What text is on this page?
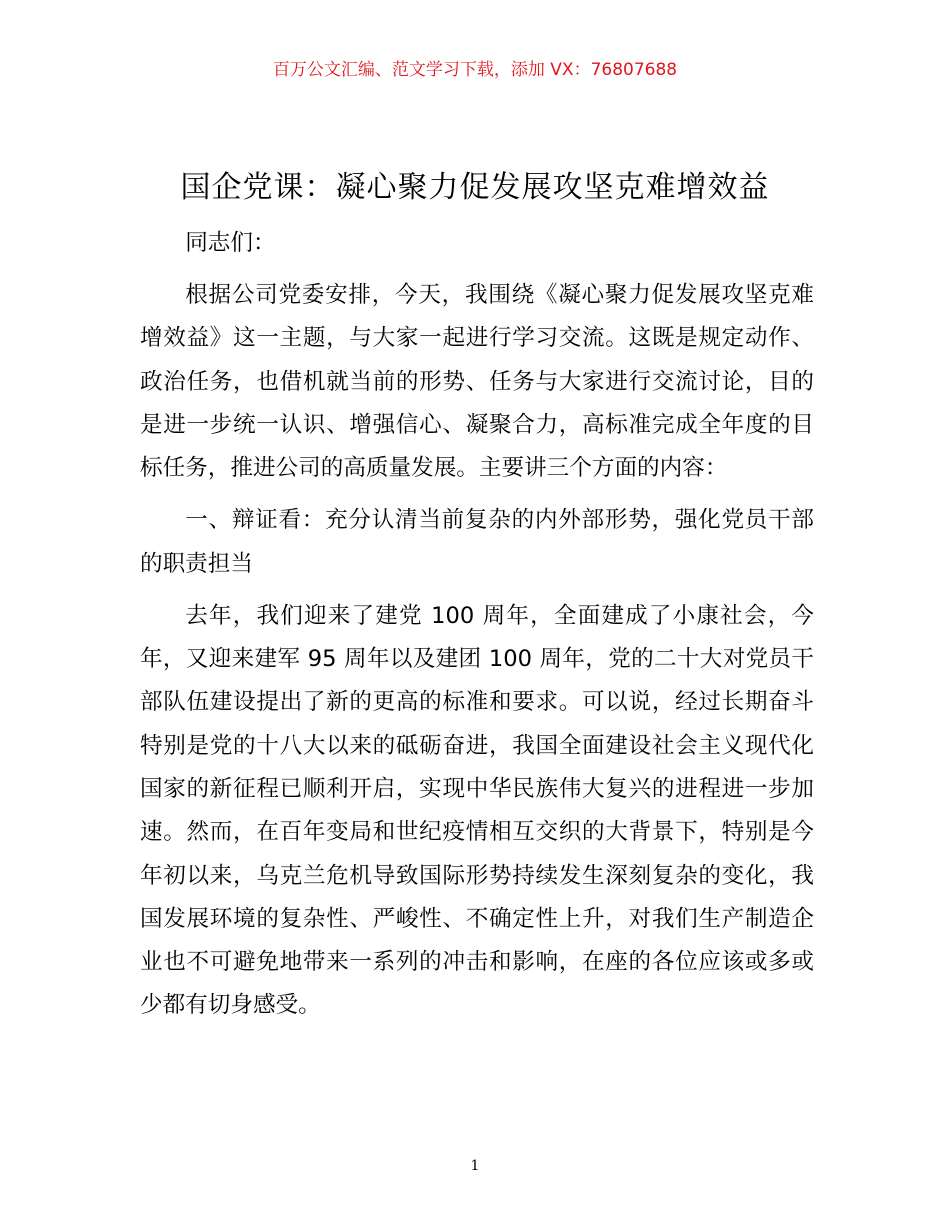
百万公文汇编、范文学习下载，添加 VX：76807688
国企党课：凝心聚力促发展攻坚克难增效益

同志们：

根据公司党委安排，今天，我围绕《凝心聚力促发展攻坚克难增效益》这一主题，与大家一起进行学习交流。这既是规定动作、政治任务，也借机就当前的形势、任务与大家进行交流讨论，目的是进一步统一认识、增强信心、凝聚合力，高标准完成全年度的目标任务，推进公司的高质量发展。主要讲三个方面的内容：

一、辩证看：充分认清当前复杂的内外部形势，强化党员干部的职责担当

去年，我们迎来了建党 100 周年，全面建成了小康社会，今年，又迎来建军 95 周年以及建团 100 周年，党的二十大对党员干部队伍建设提出了新的更高的标准和要求。可以说，经过长期奋斗特别是党的十八大以来的砥砺奋进，我国全面建设社会主义现代化国家的新征程已顺利开启，实现中华民族伟大复兴的进程进一步加速。然而，在百年变局和世纪疫情相互交织的大背景下，特别是今年初以来，乌克兰危机导致国际形势持续发生深刻复杂的变化，我国发展环境的复杂性、严峻性、不确定性上升，对我们生产制造企业也不可避免地带来一系列的冲击和影响，在座的各位应该或多或少都有切身感受。

1
